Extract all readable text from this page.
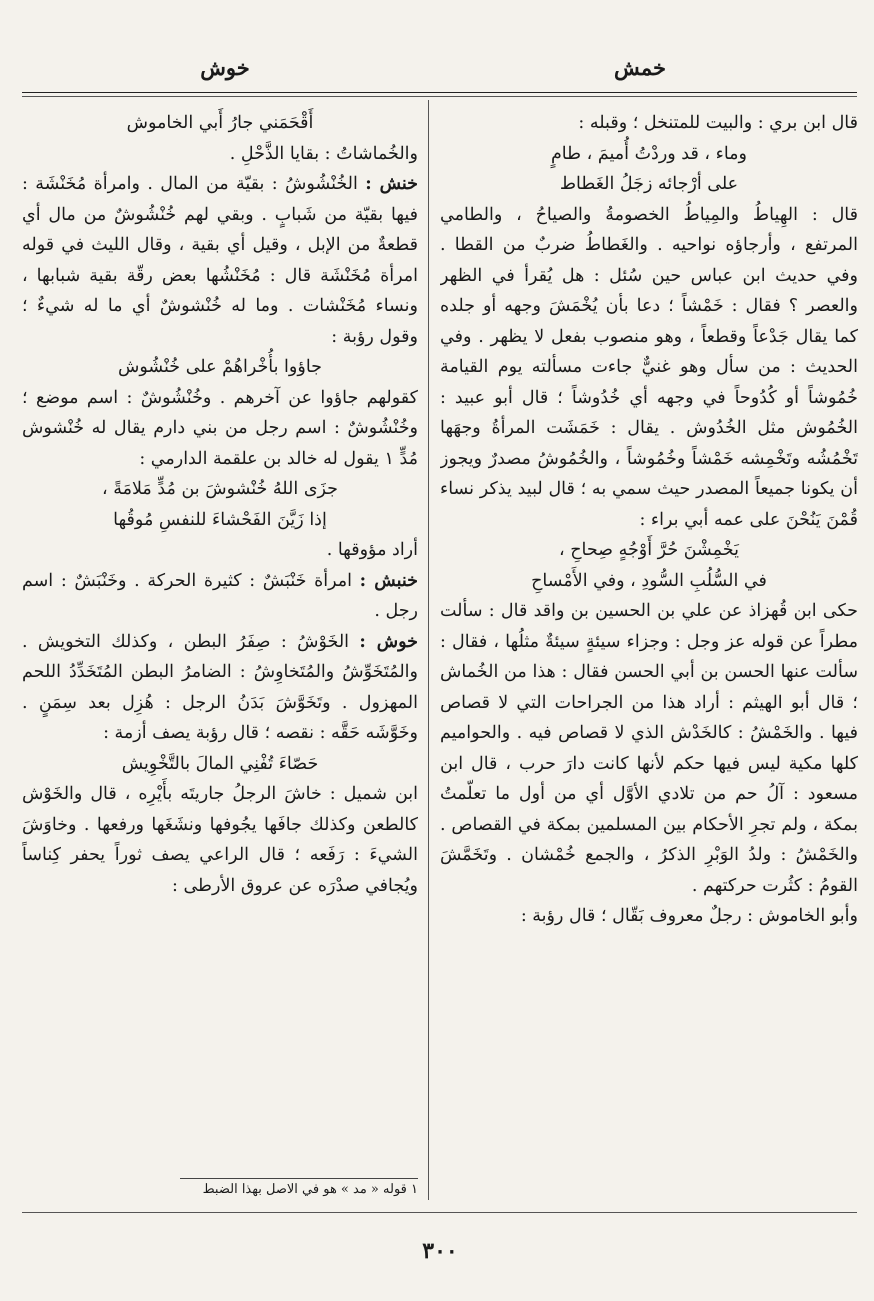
خمش
خوش

قال ابن بري : والبيت للمتنخل ؛ وقبله :

وماء ، قد وردْتُ أُميمَ ، طامٍ

على أرْجائه زجَلُ الغَطاط

قال : الهِياطُ والمِياطُ الخصومةُ والصياحُ ، والطامي المرتفع ، وأرجاؤه نواحيه . والغَطاطُ ضربٌ من القطا . وفي حديث ابن عباس حين سُئل : هل يُقرأ في الظهر والعصر ؟ فقال : خَمْشاً ؛ دعا بأن يُخْمَشَ وجهه أو جلده كما يقال جَدْعاً وقطعاً ، وهو منصوب بفعل لا يظهر . وفي الحديث : من سأل وهو غنيٌّ جاءت مسألته يوم القيامة خُمُوشاً أو كُدُوحاً في وجهه أي خُدُوشاً ؛ قال أبو عبيد : الخُمُوش مثل الخُدُوش . يقال : خَمَشَت المرأةُ وجهَها تَخْمُشُه وتَخْمِشه خَمْشاً وخُمُوشاً ، والخُمُوشُ مصدرٌ ويجوز أن يكونا جميعاً المصدر حيث سمي به ؛ قال لبيد يذكر نساء قُمْنَ يَنُحْنَ على عمه أبي براء :

يَخْمِشْنَ حُرَّ أَوْجُهٍ صِحاحِ ،

في السُّلُبِ السُّودِ ، وفي الأَمْساحِ

حكى ابن قُهزاذ عن علي بن الحسين بن واقد قال : سألت مطراً عن قوله عز وجل : وجزاء سيئةٍ سيئةٌ مثلُها ، فقال : سألت عنها الحسن بن أبي الحسن فقال : هذا من الخُماش ؛ قال أبو الهيثم : أراد هذا من الجراحات التي لا قصاص فيها . والخَمْشُ : كالخَدْش الذي لا قصاص فيه . والحواميم كلها مكية ليس فيها حكم لأنها كانت دارَ حرب ، قال ابن مسعود : آلُ حم من تلادي الأوَّل أي من أول ما تعلّمتُ بمكة ، ولم تجرِ الأحكام بين المسلمين بمكة في القصاص . والخَمْشُ : ولدُ الوَبْرِ الذكرُ ، والجمع خُمْشان . وتَخَمَّشَ القومُ : كثُرت حركتهم .

وأبو الخاموش : رجلٌ معروف بَقّال ؛ قال رؤبة :

أَقْحَمَني جارُ أَبي الخاموش

والخُماشاتُ : بقايا الذَّحْلِ .

خنش : الخُنْشُوشُ : بقيّة من المال . وامرأة مُخَنْشَة : فيها بقيّة من شَبابٍ . وبقي لهم خُنْشُوشٌ من مال أي قطعةٌ من الإبل ، وقيل أي بقية ، وقال الليث في قوله امرأة مُخَنْشَة قال : مُخَنْشُها بعض رقّة بقية شبابها ، ونساء مُخَنْشات . وما له خُنْشوشٌ أي ما له شيءٌ ؛ وقول رؤبة :

جاؤوا بأُخْراهُمْ على خُنْشُوش

كقولهم جاؤوا عن آخرهم . وخُنْشُوشٌ : اسم موضع ؛ وخُنْشُوشٌ : اسم رجل من بني دارم يقال له خُنْشوش مُدٍّ ١ يقول له خالد بن علقمة الدارمي :

جزَى اللهُ خُنْشوشَ بن مُدٍّ مَلامَةً ،

إذا زَيَّنَ الفَحْشاءَ للنفسِ مُوقُها

أراد مؤوقها .

خنبش : امرأة خَنْبَشٌ : كثيرة الحركة . وخَنْبَشٌ : اسم رجل .

خوش : الخَوْشُ : صِفَرُ البطن ، وكذلك التخويش . والمُتَخَوِّشُ والمُتَخاوِشُ : الضامرُ البطن المُتَخَدِّدُ اللحم المهزول . وتَخَوَّشَ بَدَنُ الرجل : هُزِل بعد سِمَنٍ . وخَوَّشَه حَقَّه : نقصه ؛ قال رؤبة يصف أزمة :

حَصّاءَ تُفْنِي المالَ بالتَّخْوِيش

ابن شميل : خاشَ الرجلُ جاريتَه بأَيْرِه ، قال والخَوْش كالطعن وكذلك جافَها يجُوفها ونشَغَها ورفعها . وخاوَشَ الشيءَ : رَفَعه ؛ قال الراعي يصف ثوراً يحفر كِناساً ويُجافي صدْرَه عن عروق الأرطى :

١ قوله « مد » هو في الاصل بهذا الضبط
٣٠٠
